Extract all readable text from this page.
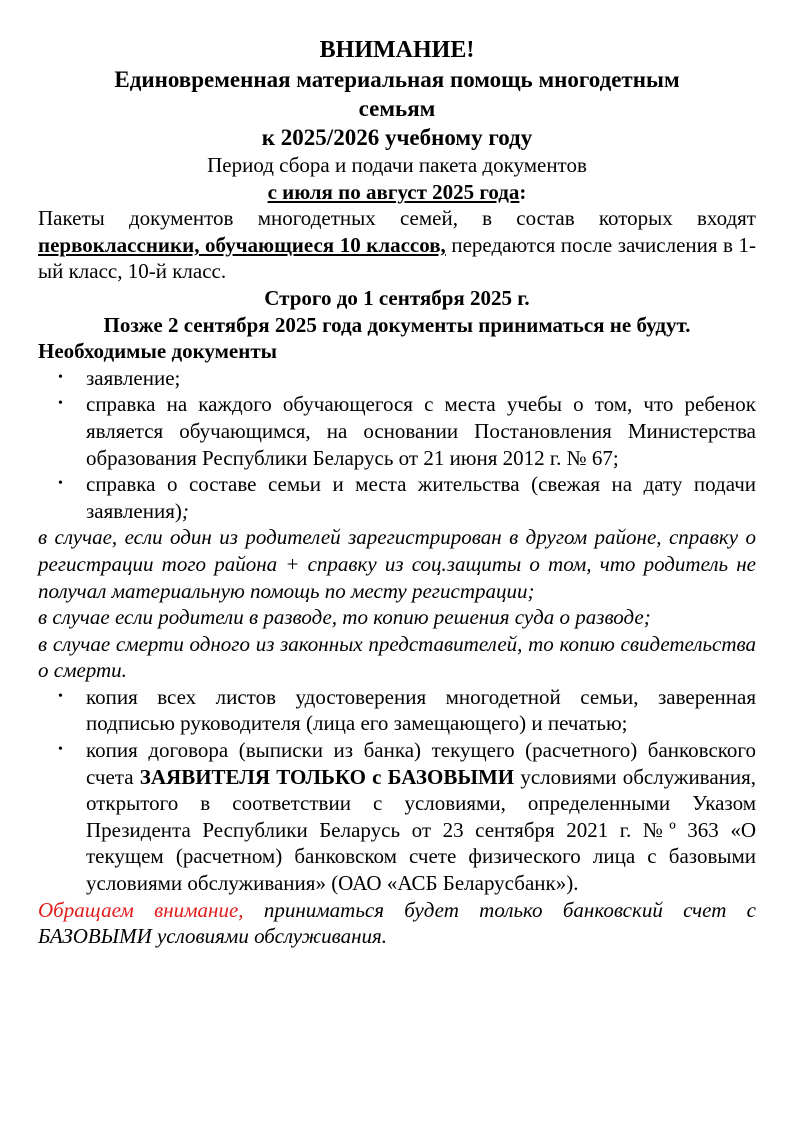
ВНИМАНИЕ!
Единовременная материальная помощь многодетным
семьям
к 2025/2026 учебному году
Период сбора и подачи пакета документов
с июля по август 2025 года:
Пакеты документов многодетных семей, в состав которых входят первоклассники, обучающиеся 10 классов, передаются после зачисления в 1-ый класс, 10-й класс.
Строго до 1 сентября 2025 г.
Позже 2 сентября 2025 года документы приниматься не будут.
Необходимые документы
• заявление;
• справка на каждого обучающегося с места учебы о том, что ребенок является обучающимся, на основании Постановления Министерства образования Республики Беларусь от 21 июня 2012 г. № 67;
• справка о составе семьи и места жительства (свежая на дату подачи заявления);
в случае, если один из родителей зарегистрирован в другом районе, справку о регистрации того района + справку из соц.защиты о том, что родитель не получал материальную помощь по месту регистрации;
в случае если родители в разводе, то копию решения суда о разводе;
в случае смерти одного из законных представителей, то копию свидетельства о смерти.
• копия всех листов удостоверения многодетной семьи, заверенная подписью руководителя (лица его замещающего) и печатью;
• копия договора (выписки из банка) текущего (расчетного) банковского счета ЗАЯВИТЕЛЯ ТОЛЬКО с БАЗОВЫМИ условиями обслуживания, открытого в соответствии с условиями, определенными Указом Президента Республики Беларусь от 23 сентября 2021 г. №º 363 «О текущем (расчетном) банковском счете физического лица с базовыми условиями обслуживания» (ОАО «АСБ Беларусбанк»).
Обращаем внимание, приниматься будет только банковский счет с БАЗОВЫМИ условиями обслуживания.
